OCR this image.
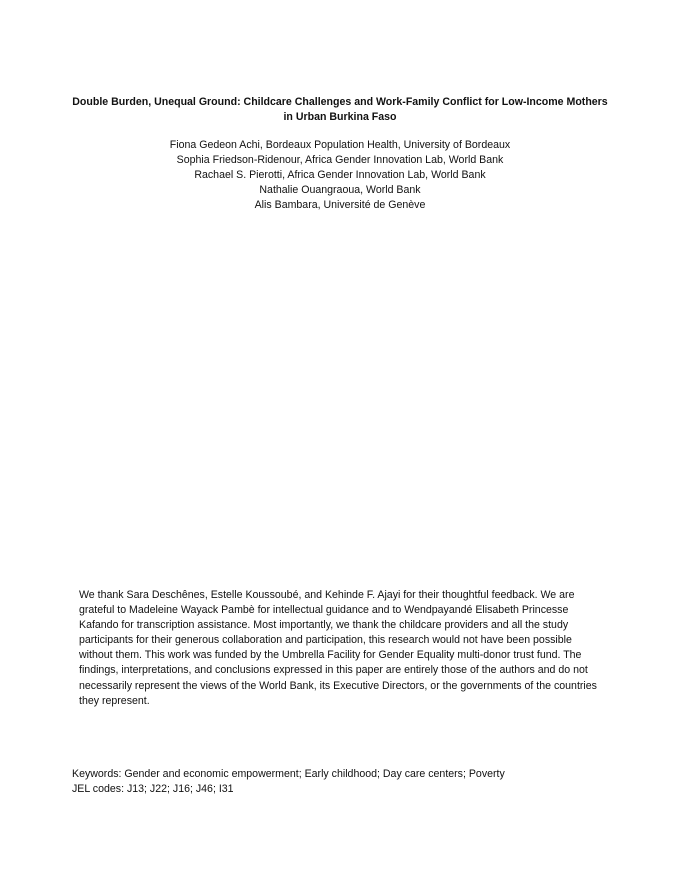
Double Burden, Unequal Ground: Childcare Challenges and Work-Family Conflict for Low-Income Mothers in Urban Burkina Faso
Fiona Gedeon Achi, Bordeaux Population Health, University of Bordeaux
Sophia Friedson-Ridenour, Africa Gender Innovation Lab, World Bank
Rachael S. Pierotti, Africa Gender Innovation Lab, World Bank
Nathalie Ouangraoua, World Bank
Alis Bambara, Université de Genève

We thank Sara Deschênes, Estelle Koussoubé, and Kehinde F. Ajayi for their thoughtful feedback. We are grateful to Madeleine Wayack Pambè for intellectual guidance and to Wendpayandé Elisabeth Princesse Kafando for transcription assistance. Most importantly, we thank the childcare providers and all the study participants for their generous collaboration and participation, this research would not have been possible without them. This work was funded by the Umbrella Facility for Gender Equality multi-donor trust fund. The findings, interpretations, and conclusions expressed in this paper are entirely those of the authors and do not necessarily represent the views of the World Bank, its Executive Directors, or the governments of the countries they represent.

Keywords: Gender and economic empowerment; Early childhood; Day care centers; Poverty
JEL codes: J13; J22; J16; J46; I31
